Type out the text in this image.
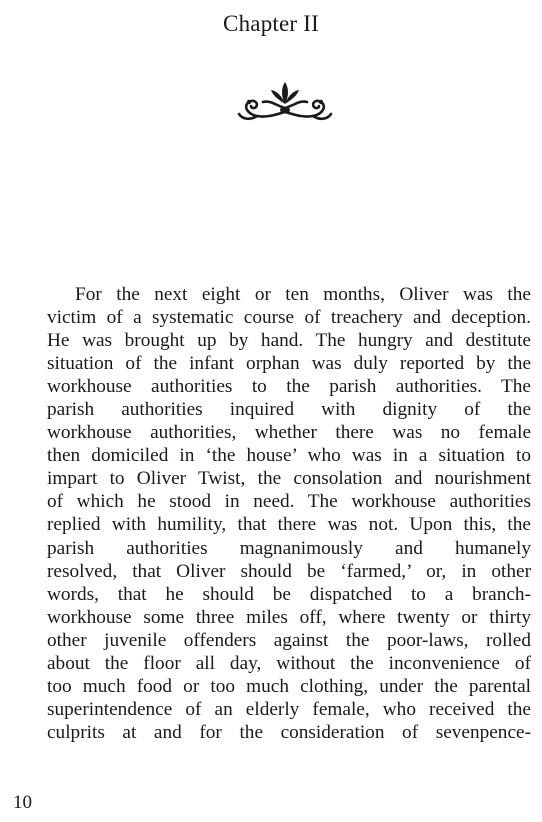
Chapter II

For the next eight or ten months, Oliver was the
victim of a systematic course of treachery and deception.
He was brought up by hand. The hungry and destitute
situation of the infant orphan was duly reported by the
workhouse authorities to the parish authorities. The
parish authorities inquired with dignity of the
workhouse authorities, whether there was no female
then domiciled in ‘the house’ who was in a situation to
impart to Oliver Twist, the consolation and nourishment
of which he stood in need. The workhouse authorities
replied with humility, that there was not. Upon this, the
parish authorities magnanimously and humanely
resolved, that Oliver should be ‘farmed,’ or, in other
words, that he should be dispatched to a branch-
workhouse some three miles off, where twenty or thirty
other juvenile offenders against the poor-laws, rolled
about the floor all day, without the inconvenience of
too much food or too much clothing, under the parental
superintendence of an elderly female, who received the
culprits at and for the consideration of sevenpence-

10
